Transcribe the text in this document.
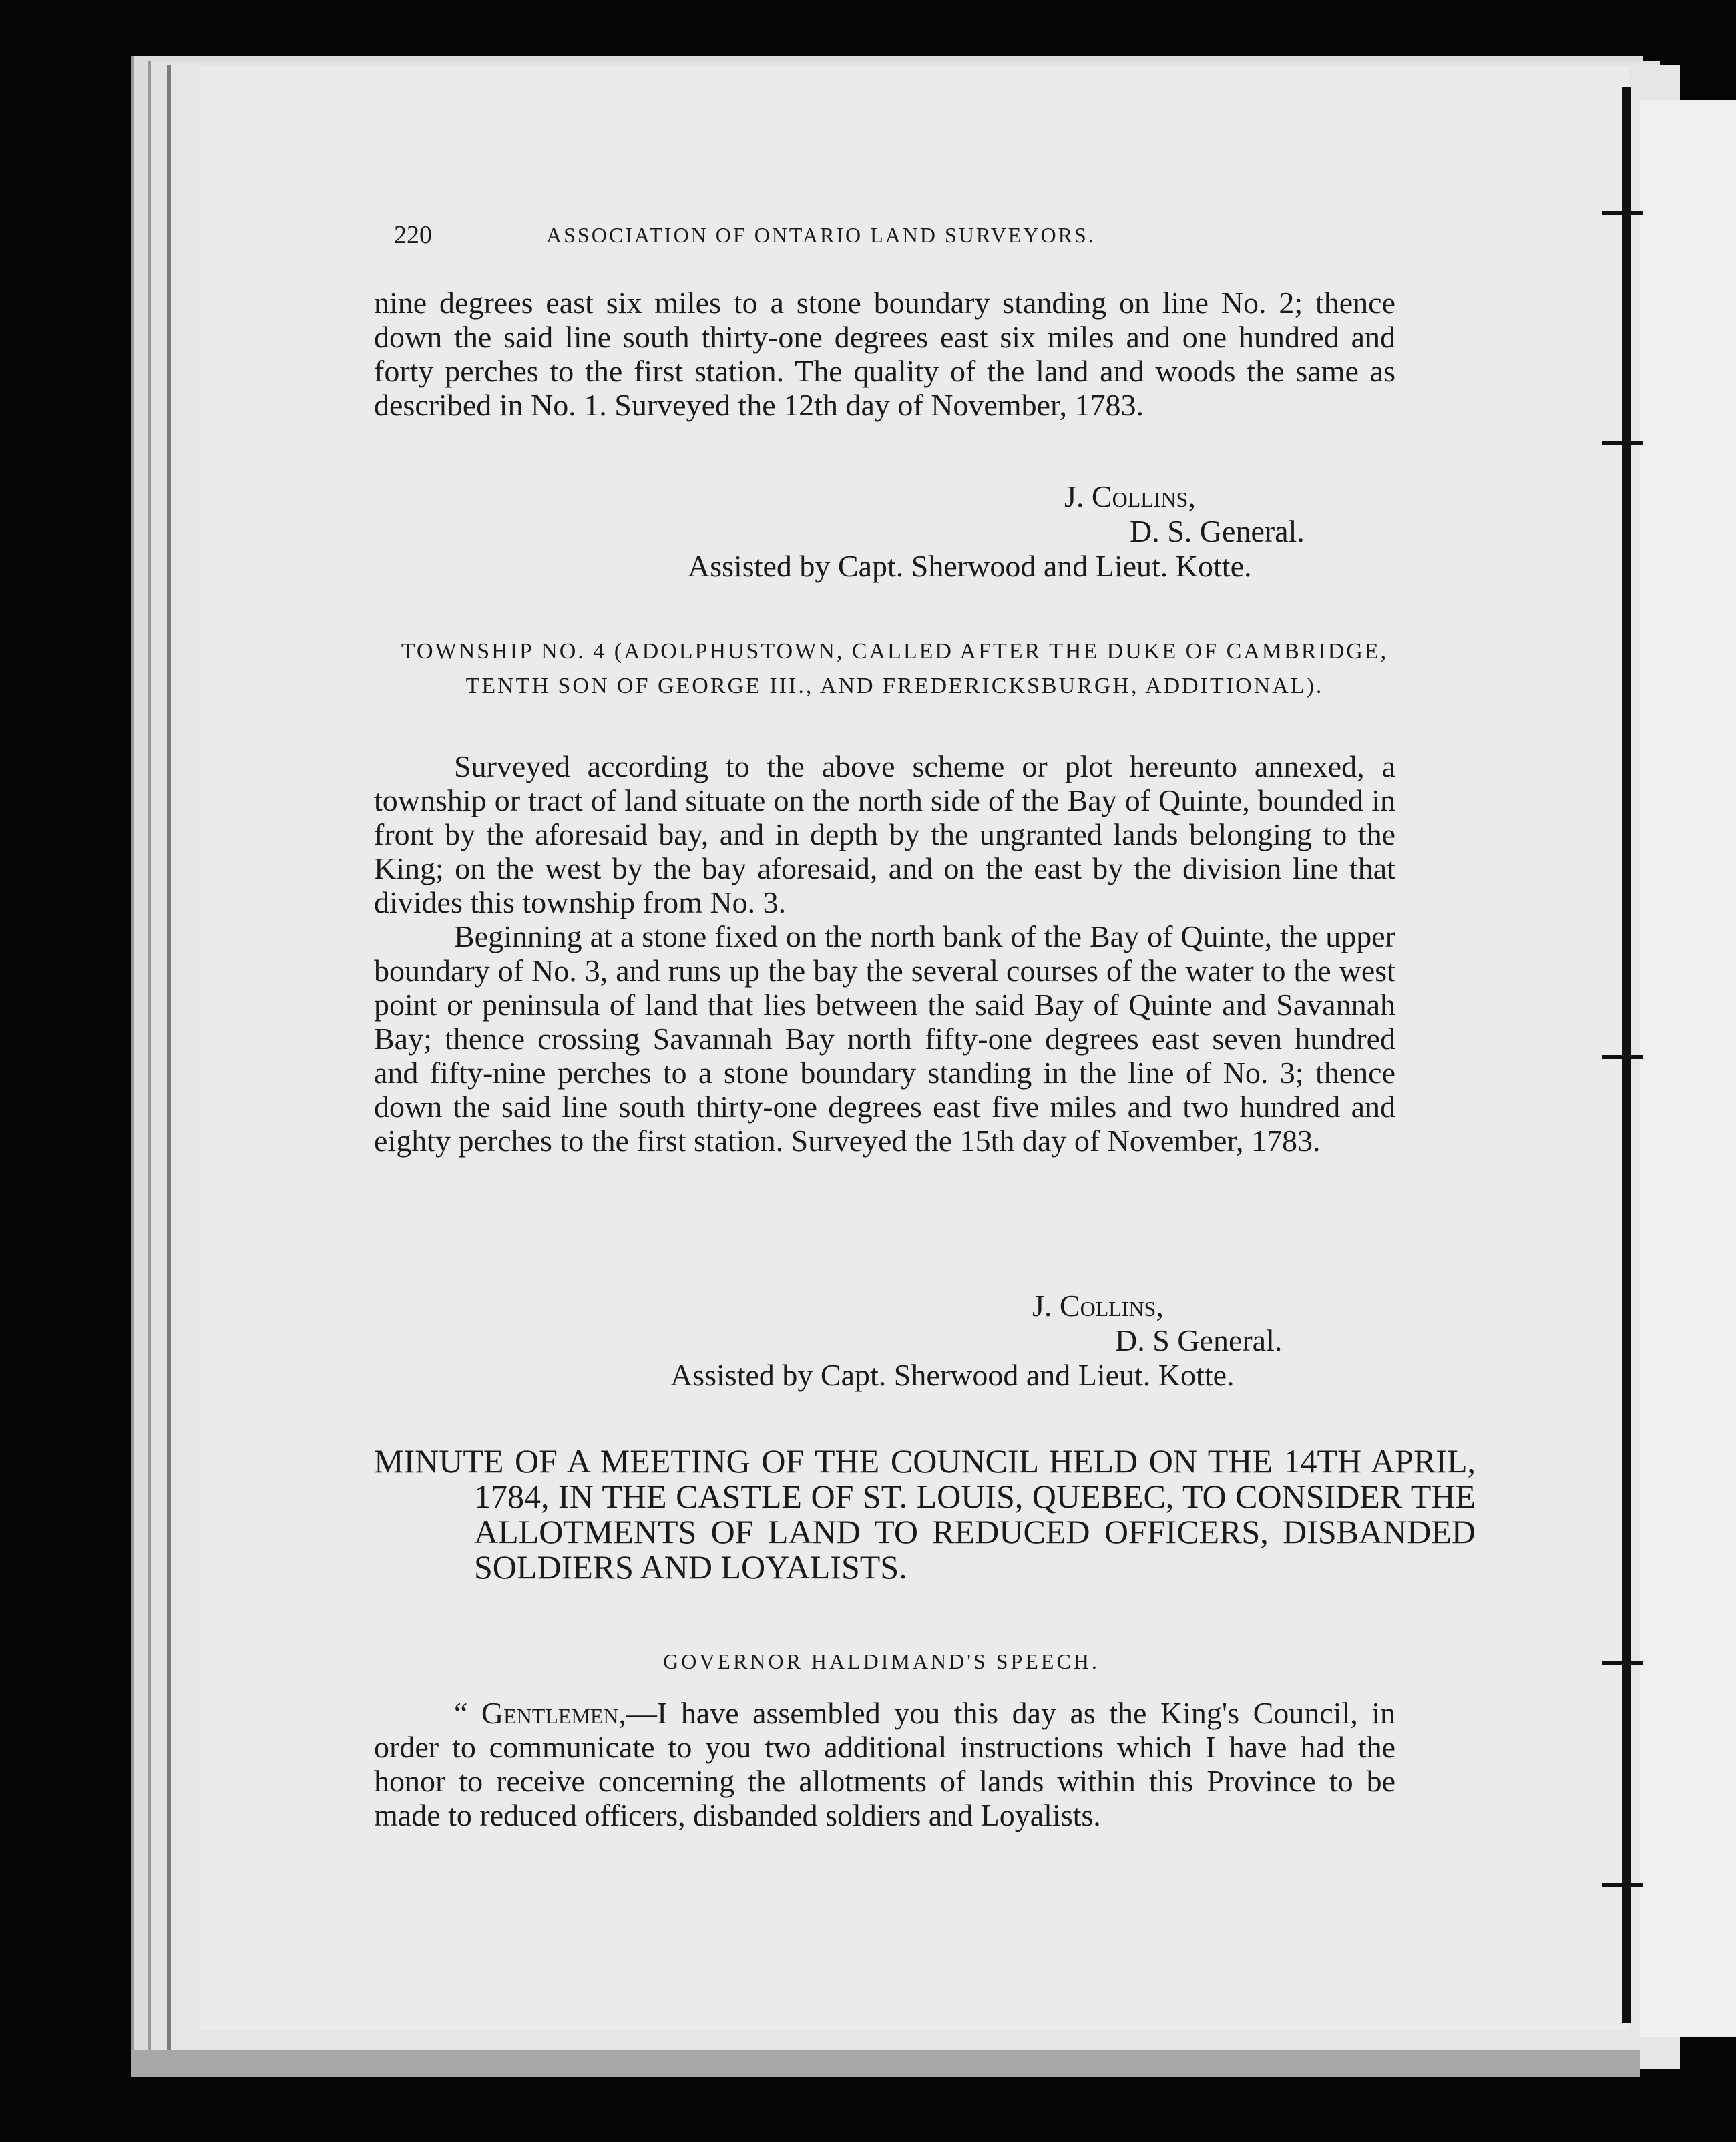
220	ASSOCIATION OF ONTARIO LAND SURVEYORS.

nine degrees east six miles to a stone boundary standing on line No. 2; thence down the said line south thirty-one degrees east six miles and one hundred and forty perches to the first station. The quality of the land and woods the same as described in No. 1. Surveyed the 12th day of November, 1783.

J. Collins,
D. S. General.
Assisted by Capt. Sherwood and Lieut. Kotte.
TOWNSHIP NO. 4 (ADOLPHUSTOWN, CALLED AFTER THE DUKE OF CAMBRIDGE, TENTH SON OF GEORGE III., AND FREDERICKSBURGH, ADDITIONAL).

Surveyed according to the above scheme or plot hereunto annexed, a township or tract of land situate on the north side of the Bay of Quinte, bounded in front by the aforesaid bay, and in depth by the ungranted lands belonging to the King; on the west by the bay aforesaid, and on the east by the division line that divides this township from No. 3.

Beginning at a stone fixed on the north bank of the Bay of Quinte, the upper boundary of No. 3, and runs up the bay the several courses of the water to the west point or peninsula of land that lies between the said Bay of Quinte and Savannah Bay; thence crossing Savannah Bay north fifty-one degrees east seven hundred and fifty-nine perches to a stone boundary standing in the line of No. 3; thence down the said line south thirty-one degrees east five miles and two hundred and eighty perches to the first station. Surveyed the 15th day of November, 1783.

J. Collins,
D. S General.
Assisted by Capt. Sherwood and Lieut. Kotte.
MINUTE OF A MEETING OF THE COUNCIL HELD ON THE 14TH APRIL, 1784, IN THE CASTLE OF ST. LOUIS, QUEBEC, TO CONSIDER THE ALLOTMENTS OF LAND TO REDUCED OFFICERS, DISBANDED SOLDIERS AND LOYALISTS.
GOVERNOR HALDIMAND'S SPEECH.

“ Gentlemen,—I have assembled you this day as the King's Council, in order to communicate to you two additional instructions which I have had the honor to receive concerning the allotments of lands within this Province to be made to reduced officers, disbanded soldiers and Loyalists.
